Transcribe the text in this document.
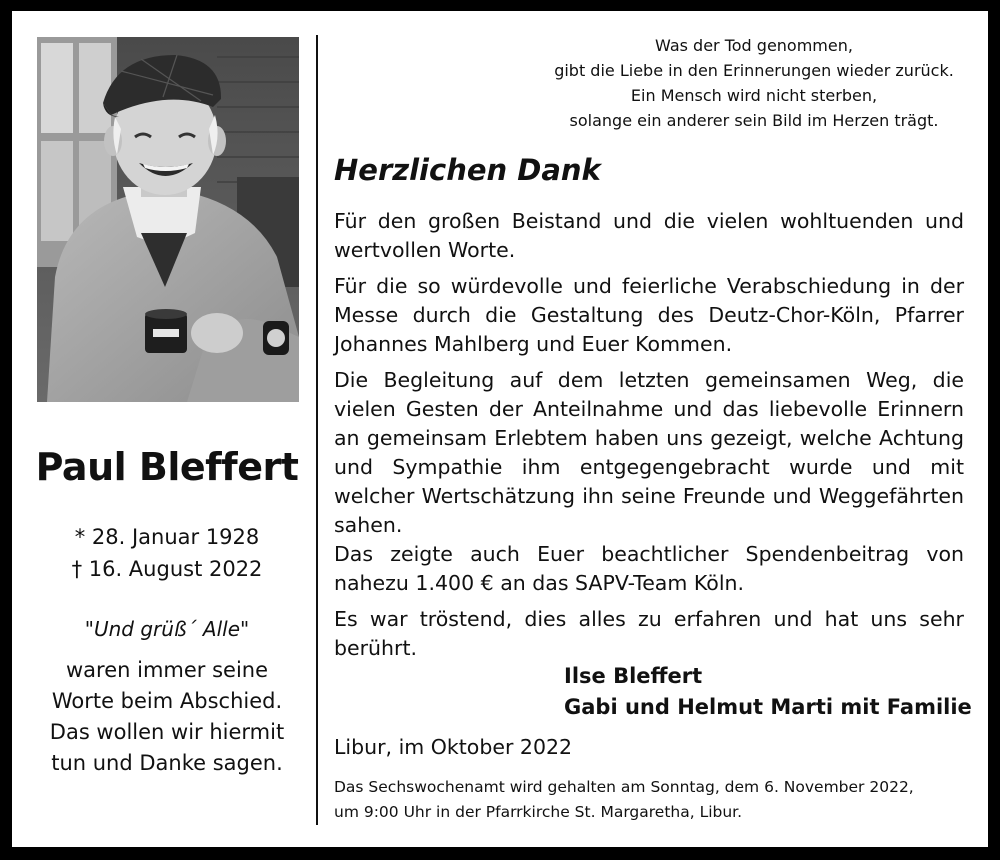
Paul Bleffert
* 28. Januar 1928
† 16. August 2022
"Und grüß´ Alle"
waren immer seine
Worte beim Abschied.
Das wollen wir hiermit
tun und Danke sagen.
Was der Tod genommen,
gibt die Liebe in den Erinnerungen wieder zurück.
Ein Mensch wird nicht sterben,
solange ein anderer sein Bild im Herzen trägt.
Herzlichen Dank

Für den großen Beistand und die vielen wohltuenden und wertvollen Worte.

Für die so würdevolle und feierliche Verabschiedung in der Messe durch die Gestaltung des Deutz-Chor-Köln, Pfarrer Johannes Mahlberg und Euer Kommen.

Die Begleitung auf dem letzten gemeinsamen Weg, die vielen Gesten der Anteilnahme und das liebevolle Erinnern an gemeinsam Erlebtem haben uns gezeigt, welche Achtung und Sympathie ihm entgegengebracht wurde und mit welcher Wertschätzung ihn seine Freunde und Weggefährten sahen.

Das zeigte auch Euer beachtlicher Spendenbeitrag von nahezu 1.400 € an das SAPV-Team Köln.

Es war tröstend, dies alles zu erfahren und hat uns sehr berührt.

Ilse Bleffert
Gabi und Helmut Marti mit Familie
Libur, im Oktober 2022
Das Sechswochenamt wird gehalten am Sonntag, dem 6. November 2022,
um 9:00 Uhr in der Pfarrkirche St. Margaretha, Libur.
